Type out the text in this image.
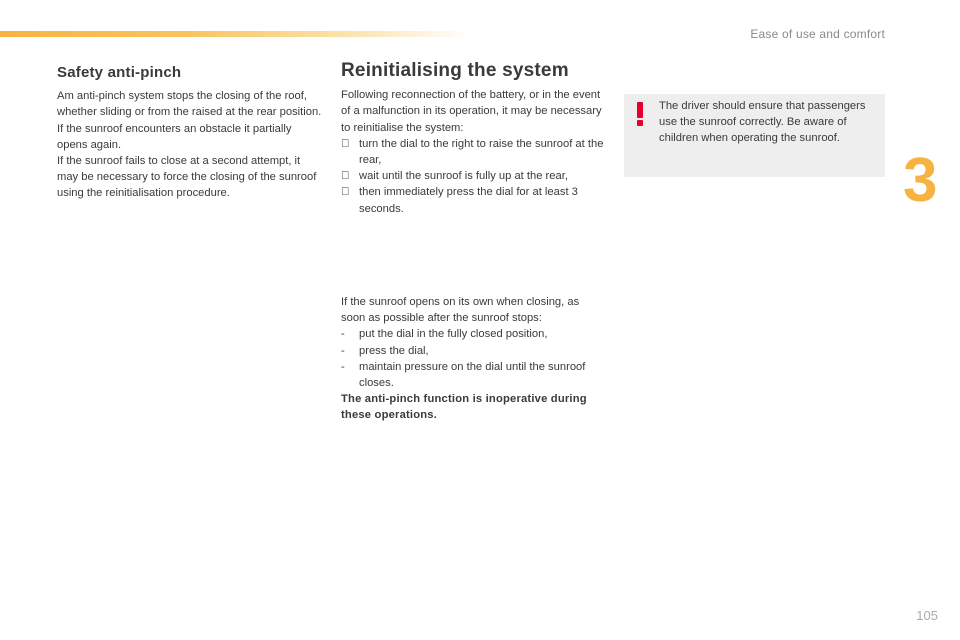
Ease of use and comfort
3
105
Safety anti-pinch

Am anti-pinch system stops the closing of the roof, whether sliding or from the raised at the rear position. If the sunroof encounters an obstacle it partially opens again.

If the sunroof fails to close at a second attempt, it may be necessary to force the closing of the sunroof using the reinitialisation procedure.

Reinitialising the system

Following reconnection of the battery, or in the event of a malfunction in its operation, it may be necessary to reinitialise the system:

turn the dial to the right to raise the sunroof at the rear,
wait until the sunroof is fully up at the rear,
then immediately press the dial for at least 3 seconds.

If the sunroof opens on its own when closing, as soon as possible after the sunroof stops:

-	put the dial in the fully closed position,
-	press the dial,
-	maintain pressure on the dial until the sunroof closes.

The anti-pinch function is inoperative during these operations.

The driver should ensure that passengers use the sunroof correctly. Be aware of children when operating the sunroof.
